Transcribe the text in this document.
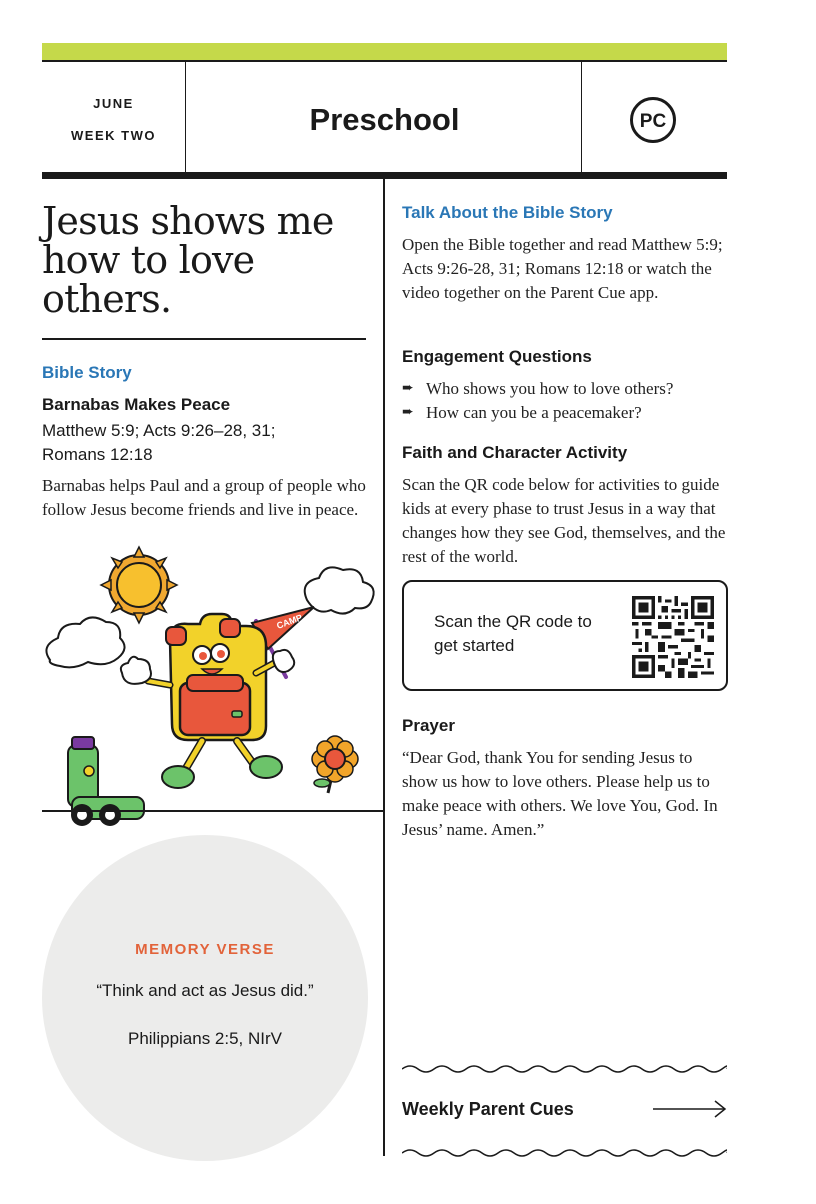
JUNE
WEEK TWO	Preschool	PC
Jesus shows me how to love others.
Bible Story
Barnabas Makes Peace
Matthew 5:9; Acts 9:26–28, 31; Romans 12:18
Barnabas helps Paul and a group of people who follow Jesus become friends and live in peace.
CAMP
MEMORY VERSE
“Think and act as Jesus did.”
Philippians 2:5, NIrV
Talk About the Bible Story
Open the Bible together and read Matthew 5:9; Acts 9:26-28, 31; Romans 12:18 or watch the video together on the Parent Cue app.
Engagement Questions
➨ Who shows you how to love others?
➨ How can you be a peacemaker?
Faith and Character Activity
Scan the QR code below for activities to guide kids at every phase to trust Jesus in a way that changes how they see God, themselves, and the rest of the world.
Scan the QR code to get started
Prayer
“Dear God, thank You for sending Jesus to show us how to love others. Please help us to make peace with others. We love You, God. In Jesus’ name. Amen.”
Weekly Parent Cues
